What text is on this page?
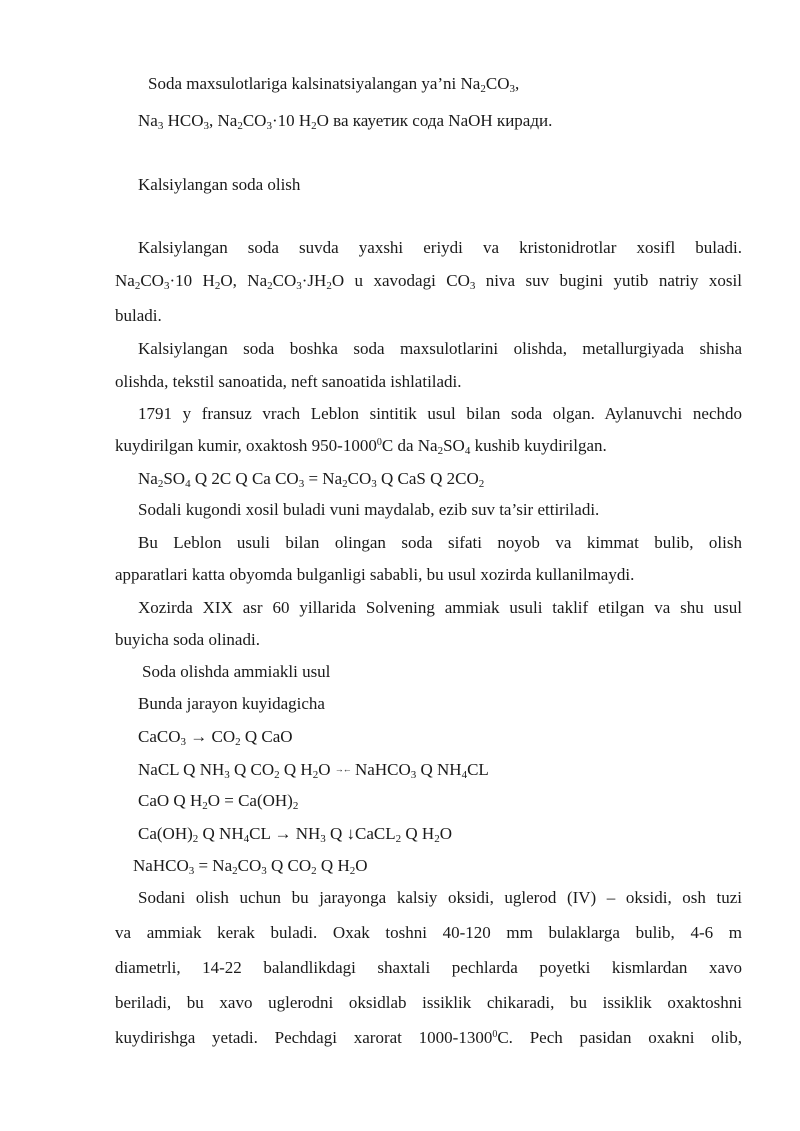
Soda maxsulotlariga kalsinatsiyalangan ya’ni $Na_2CO_3$,
$Na_3$ $HCO_3$, $Na_2CO_3\cdot 10$ $H_2O$ ва кауетик сода NaOH киради.
Kalsiylangan soda olish
Kalsiylangan soda suvda yaxshi eriydi va kristonidrotlar xosifl buladi.
$Na_2CO_3\cdot 10$ $H_2O$, $Na_2CO_3\cdot JH_2O$ u xavodagi $CO_3$ niva suv bugini yutib natriy xosil
buladi.
Kalsiylangan soda boshka soda maxsulotlarini olishda, metallurgiyada shisha
olishda, tekstil sanoatida, neft sanoatida ishlatiladi.
1791 y fransuz vrach Leblon sintitik usul bilan soda olgan. Aylanuvchi nechdo
kuydirilgan kumir, oxaktosh 950-1000$^0$C da $Na_2SO_4$ kushib kuydirilgan.
$Na_2SO_4$ Q 2C Q Ca $CO_3 = Na_2CO_3$ Q CaS Q $2CO_2$
Sodali kugondi xosil buladi vuni maydalab, ezib suv ta’sir ettiriladi.
Bu Leblon usuli bilan olingan soda sifati noyob va kimmat bulib, olish
apparatlari katta obyomda bulganligi sababli, bu usul xozirda kullanilmaydi.
Xozirda XIX asr 60 yillarida Solvening ammiak usuli taklif etilgan va shu usul
buyicha soda olinadi.
Soda olishda ammiakli usul
Bunda jarayon kuyidagicha
CaCO$_3$ → $CO_2$ Q CaO
NaCL Q $NH_3$ Q $CO_2$ Q $H_2O$ →← NaHCO$_3$ Q $NH_4CL$
CaO Q $H_2O = Ca(OH)_2$
$Ca(OH)_2$ Q $NH_4CL \to NH_3$ Q ↓CaCL$_2$ Q $H_2O$
NaHCO$_3$ = $Na_2CO_3$ Q $CO_2$ Q $H_2O$
Sodani olish uchun bu jarayonga kalsiy oksidi, uglerod (IV) – oksidi, osh tuzi
va ammiak kerak buladi. Oxak toshni 40-120 mm bulaklarga bulib, 4-6 m
diametrli, 14-22 balandlikdagi shaxtali pechlarda poyetki kismlardan xavo
beriladi, bu xavo uglerodni oksidlab issiklik chikaradi, bu issiklik oxaktoshni
kuydirishga yetadi. Pechdagi xarorat 1000-1300$^0$C. Pech pasidan oxakni olib,
